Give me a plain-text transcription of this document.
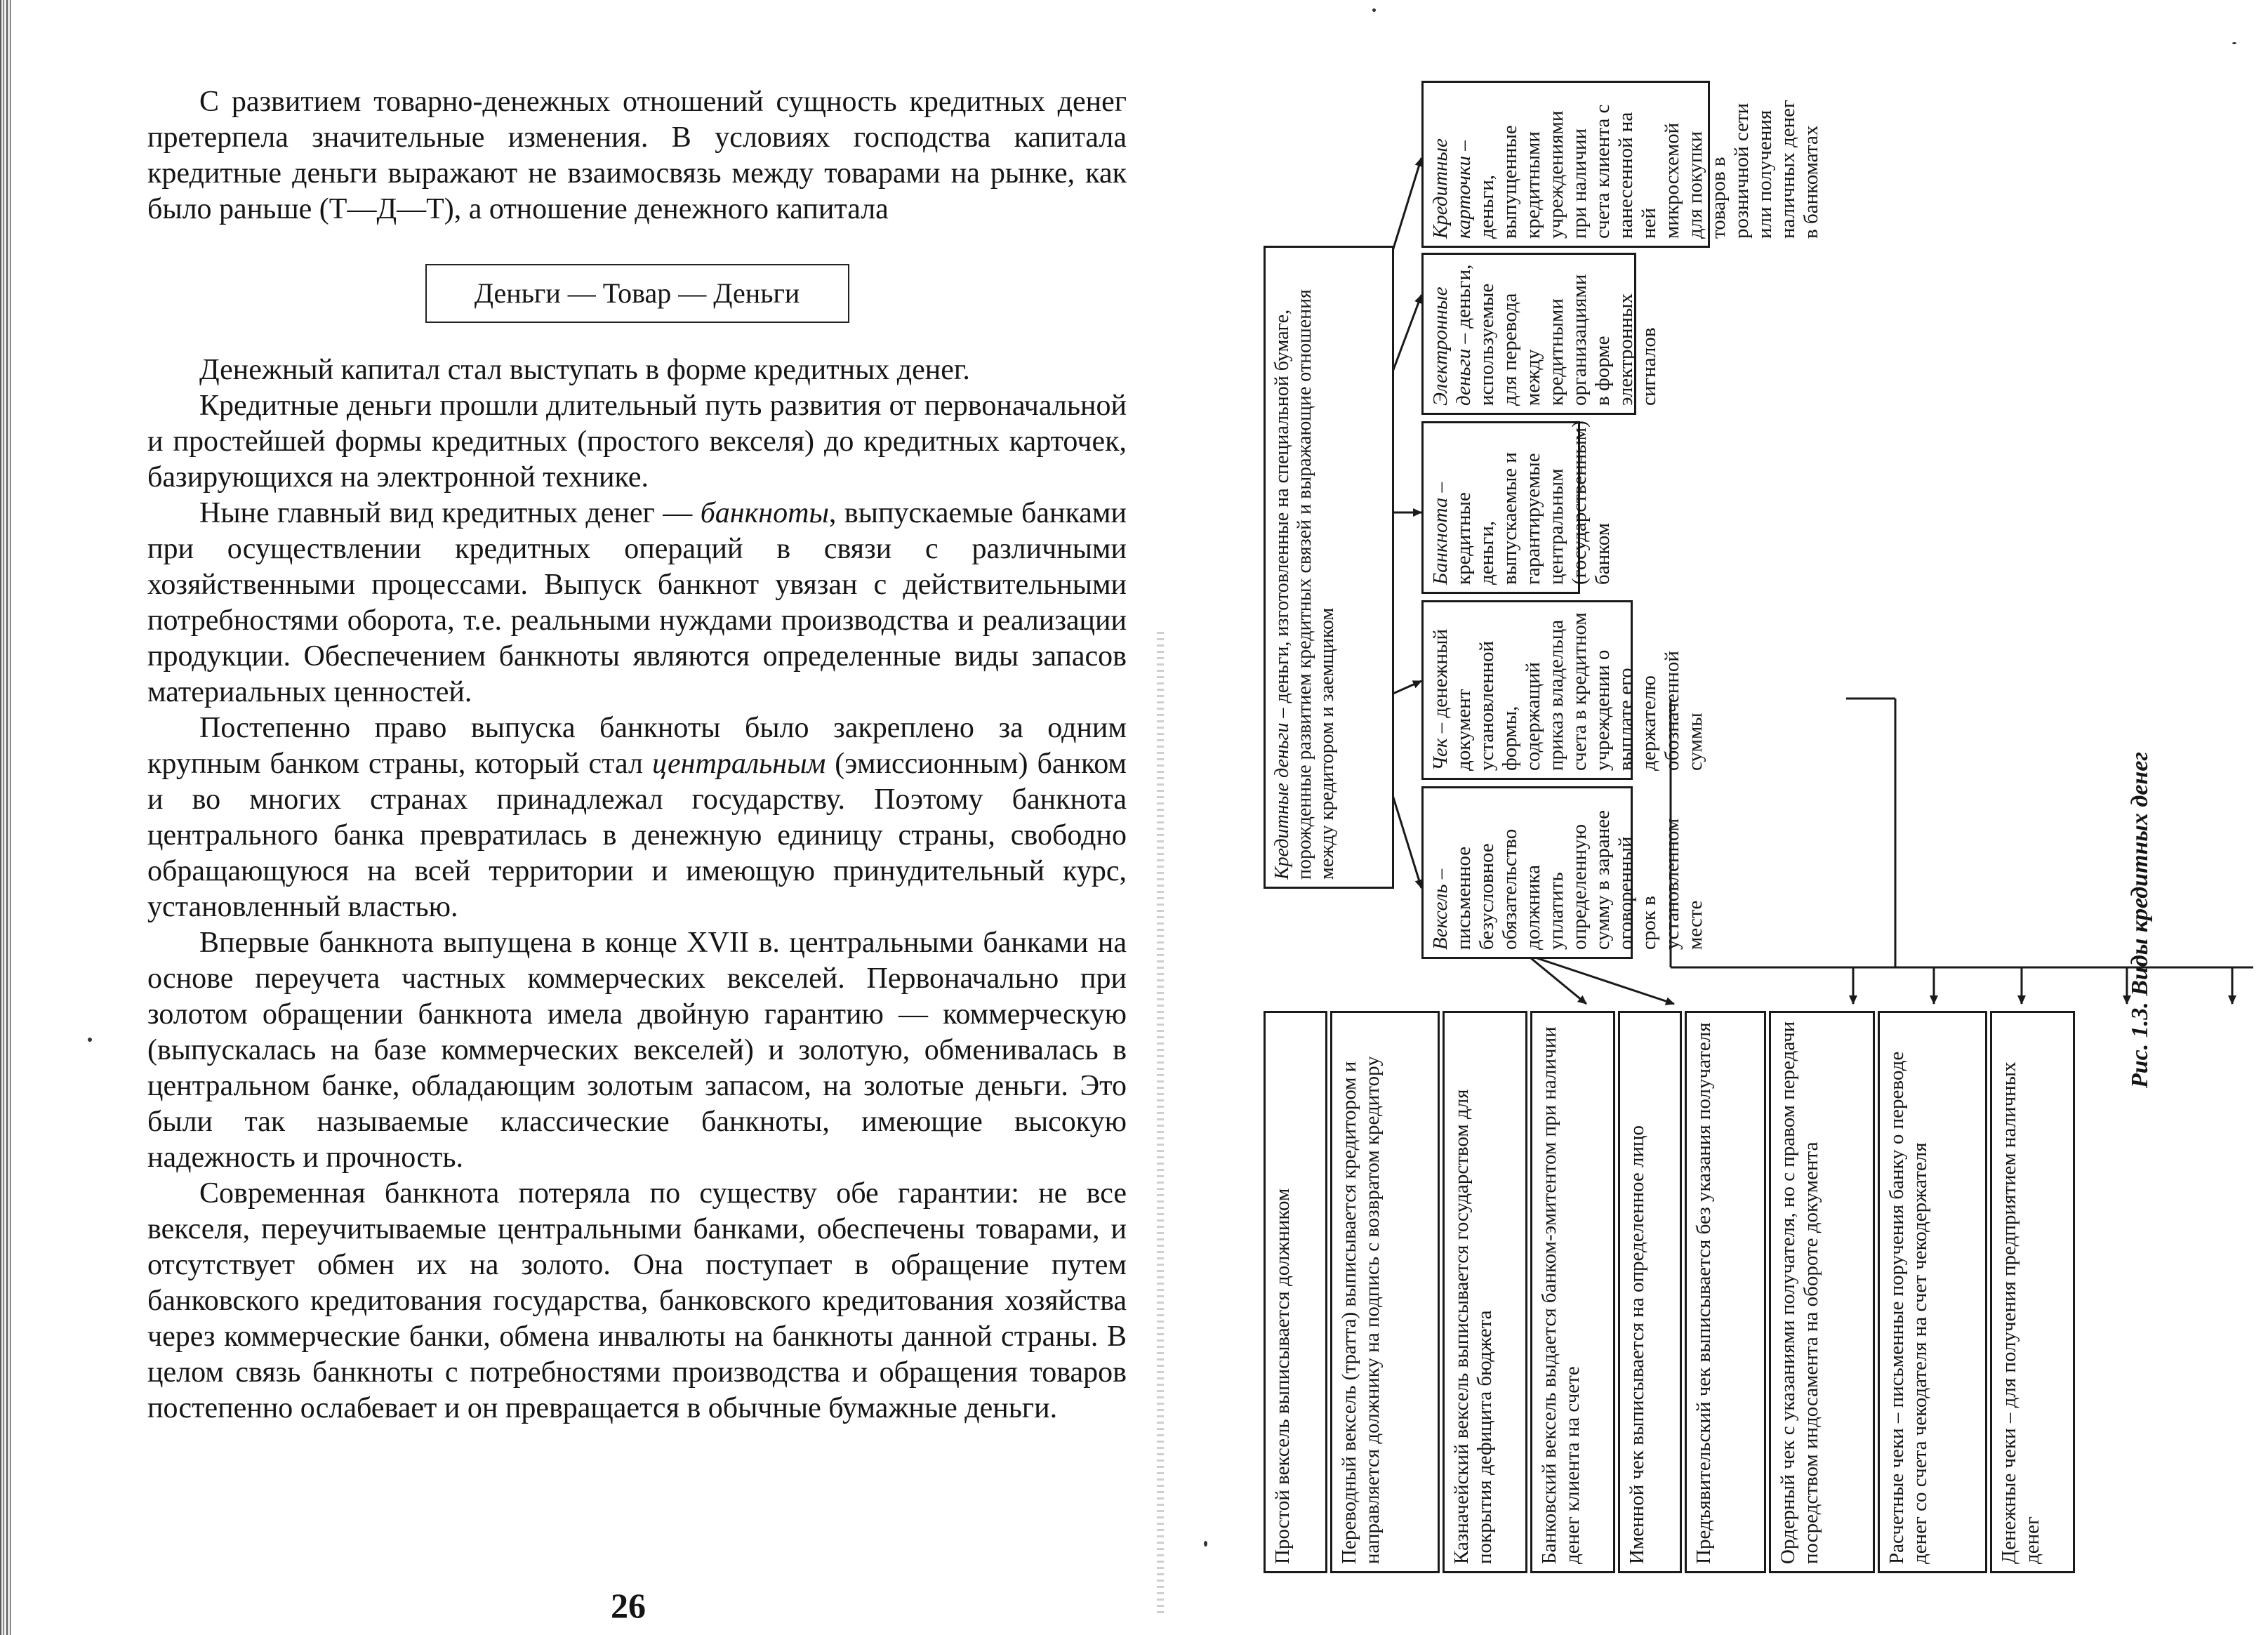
С развитием товарно-денежных отношений сущность кредитных денег претерпела значительные изменения. В условиях господства капитала кредитные деньги выражают не взаимосвязь между товарами на рынке, как было раньше (Т—Д—Т), а отношение денежного капитала

Деньги — Товар — Деньги

Денежный капитал стал выступать в форме кредитных денег.

Кредитные деньги прошли длительный путь развития от первоначальной и простейшей формы кредитных (простого векселя) до кредитных карточек, базирующихся на электронной технике.

Ныне главный вид кредитных денег — банкноты, выпускаемые банками при осуществлении кредитных операций в связи с различными хозяйственными процессами. Выпуск банкнот увязан с действительными потребностями оборота, т.е. реальными нуждами производства и реализации продукции. Обеспечением банкноты являются определенные виды запасов материальных ценностей.

Постепенно право выпуска банкноты было закреплено за одним крупным банком страны, который стал центральным (эмиссионным) банком и во многих странах принадлежал государству. Поэтому банкнота центрального банка превратилась в денежную единицу страны, свободно обращающуюся на всей территории и имеющую принудительный курс, установленный властью.

Впервые банкнота выпущена в конце XVII в. центральными банками на основе переучета частных коммерческих векселей. Первоначально при золотом обращении банкнота имела двойную гарантию — коммерческую (выпускалась на базе коммерческих векселей) и золотую, обменивалась в центральном банке, обладающим золотым запасом, на золотые деньги. Это были так называемые классические банкноты, имеющие высокую надежность и прочность.

Современная банкнота потеряла по существу обе гарантии: не все векселя, переучитываемые центральными банками, обеспечены товарами, и отсутствует обмен их на золото. Она поступает в обращение путем банковского кредитования государства, банковского кредитования хозяйства через коммерческие банки, обмена инвалюты на банкноты данной страны. В целом связь банкноты с потребностями производства и обращения товаров постепенно ослабевает и он превращается в обычные бумажные деньги.

26
Кредитные деньги – деньги, изготовленные на специальной бумаге, порожденные развитием кредитных связей и выражающие отношения между кредитором и заемщиком
Вексель – письменное безусловное обязательство должника уплатить определенную сумму в заранее оговоренный срок в установленном месте
Чек – денежный документ установленной формы, содержащий приказ владельца счета в кредитном учреждении о выплате его держателю обозначенной суммы
Банкнота – кредитные деньги, выпускаемые и гарантируемые центральным (государственным) банком
Электронные деньги – деньги, используемые для перевода между кредитными организациями в форме электронных сигналов
Кредитные карточки – деньги, выпущенные кредитными учреждениями при наличии счета клиента с нанесенной на ней микросхемой для покупки товаров в розничной сети или получения наличных денег в банкоматах
Простой вексель выписывается должником	Переводный вексель (тратта) выписывается кредитором и направляется должнику на подпись с возвратом кредитору	Казначейский вексель выписывается государством для покрытия дефицита бюджета	Банковский вексель выдается банком-эмитентом при наличии денег клиента на счете	Именной чек выписывается на определенное лицо	Предъявительский чек выписывается без указания получателя	Ордерный чек с указаниями получателя, но с правом передачи посредством индосамента на обороте документа	Расчетные чеки – письменные поручения банку о переводе денег со счета чекодателя на счет чекодержателя	Денежные чеки – для получения предприятием наличных денег
Рис. 1.3. Виды кредитных денег
